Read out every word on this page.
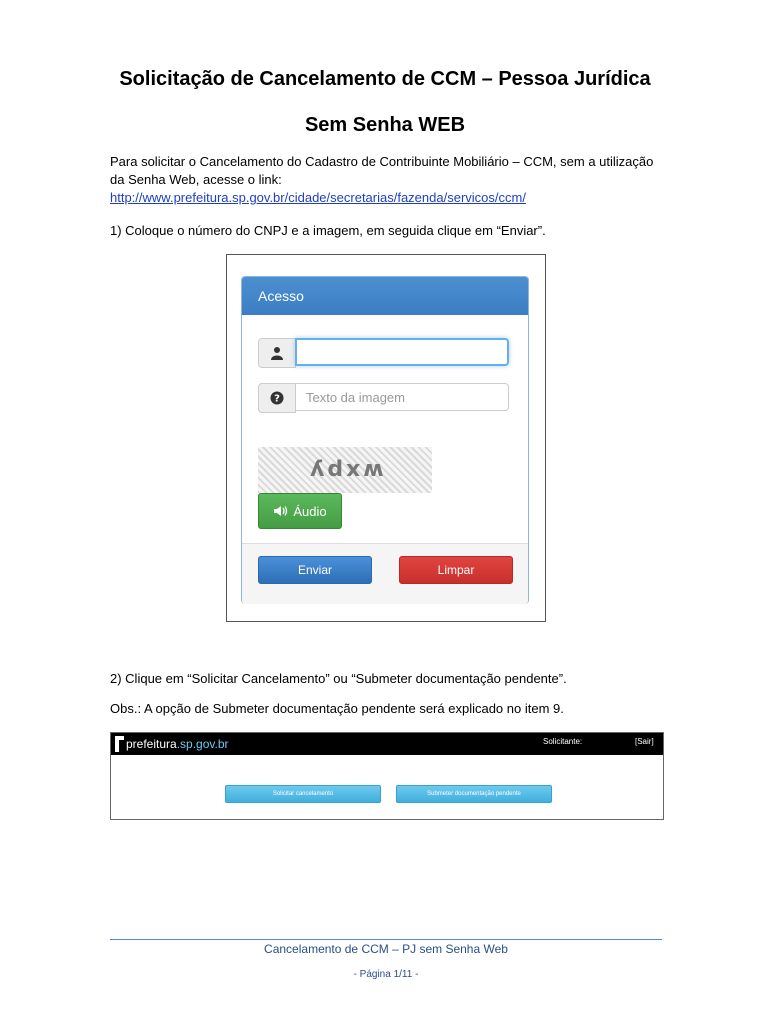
Solicitação de Cancelamento de CCM – Pessoa Jurídica
Sem Senha WEB
Para solicitar o Cancelamento do Cadastro de Contribuinte Mobiliário – CCM, sem a utilização da Senha Web, acesse o link:
http://www.prefeitura.sp.gov.br/cidade/secretarias/fazenda/servicos/ccm/
1) Coloque o número do CNPJ e a imagem, em seguida clique em “Enviar”.
Acesso
?	Texto da imagem
wxpy
Áudio
Enviar	Limpar
2) Clique em “Solicitar Cancelamento” ou “Submeter documentação pendente”.
Obs.: A opção de Submeter documentação pendente será explicado no item 9.
prefeitura .sp.gov.br	Solicitante:	[Sair]
Solicitar cancelamento	Submeter documentação pendente
Cancelamento de CCM – PJ sem Senha Web
- Página 1/11 -
